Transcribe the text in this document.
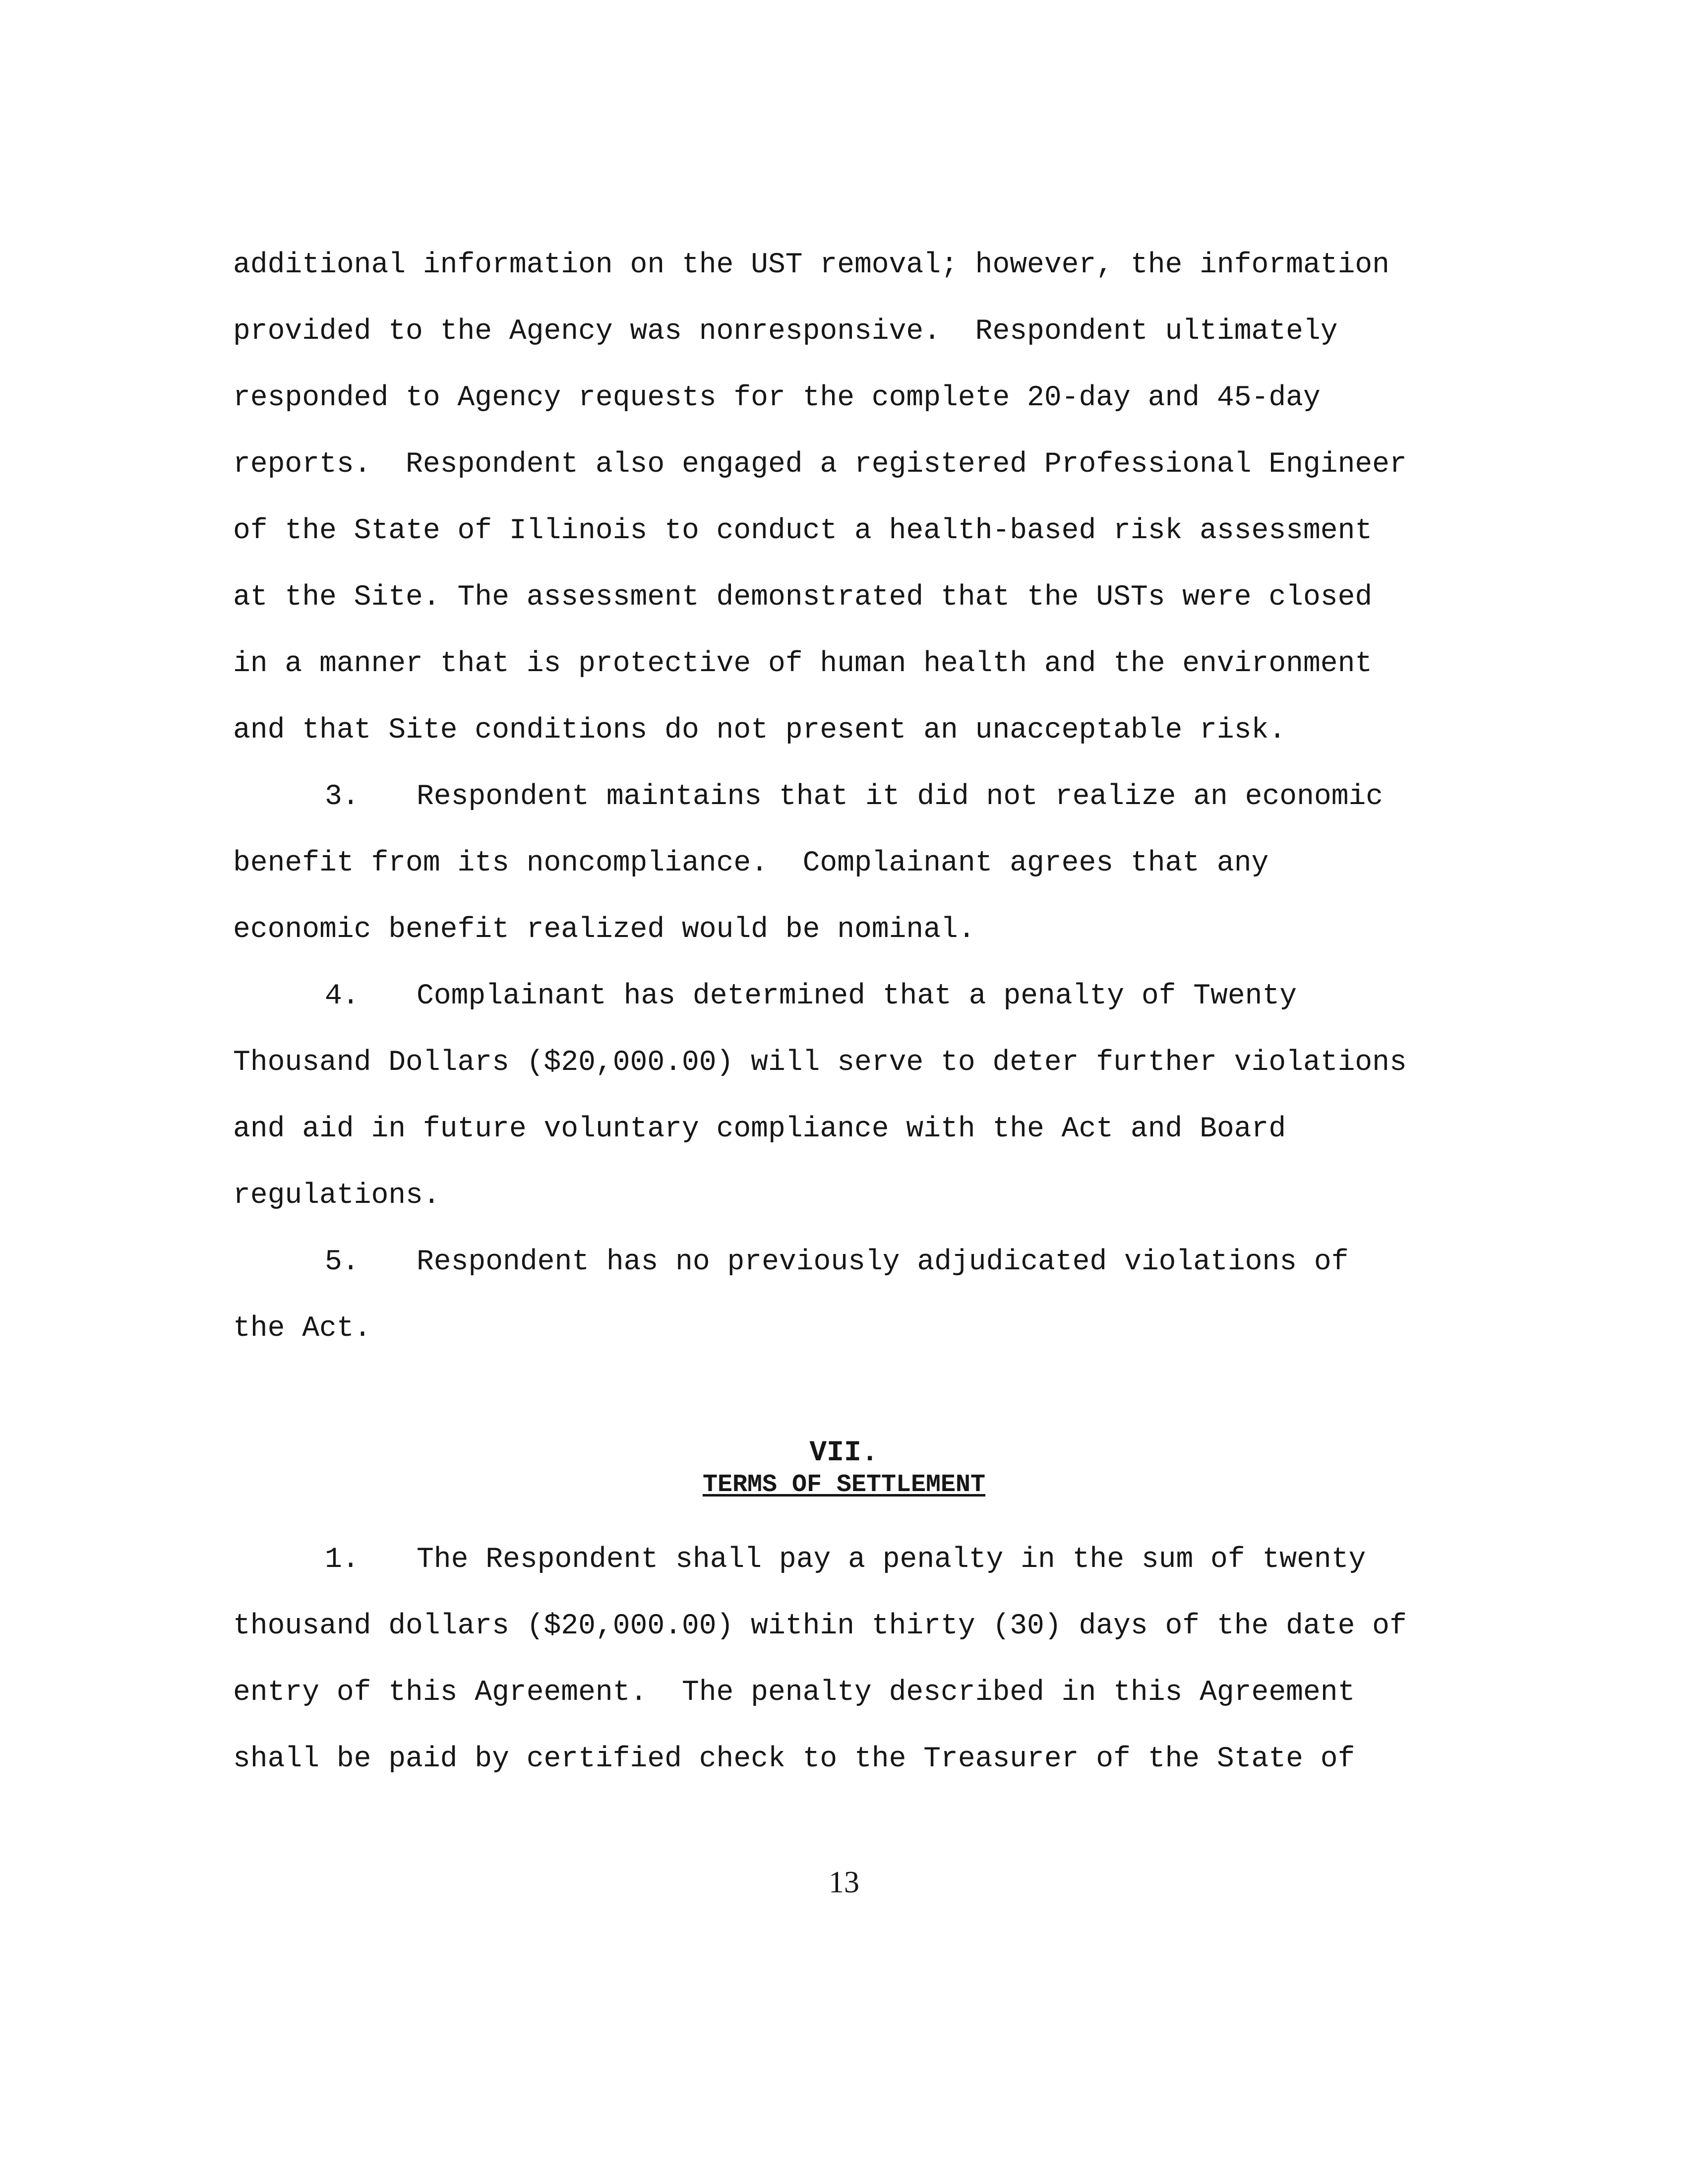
additional information on the UST removal; however, the information

provided to the Agency was nonresponsive.  Respondent ultimately

responded to Agency requests for the complete 20-day and 45-day

reports.  Respondent also engaged a registered Professional Engineer

of the State of Illinois to conduct a health-based risk assessment

at the Site. The assessment demonstrated that the USTs were closed

in a manner that is protective of human health and the environment

and that Site conditions do not present an unacceptable risk.

3. Respondent maintains that it did not realize an economic

benefit from its noncompliance.  Complainant agrees that any

economic benefit realized would be nominal.

4. Complainant has determined that a penalty of Twenty

Thousand Dollars ($20,000.00) will serve to deter further violations

and aid in future voluntary compliance with the Act and Board

regulations.

5. Respondent has no previously adjudicated violations of

the Act.

VII.

TERMS OF SETTLEMENT

1. The Respondent shall pay a penalty in the sum of twenty

thousand dollars ($20,000.00) within thirty (30) days of the date of

entry of this Agreement.  The penalty described in this Agreement

shall be paid by certified check to the Treasurer of the State of

13
